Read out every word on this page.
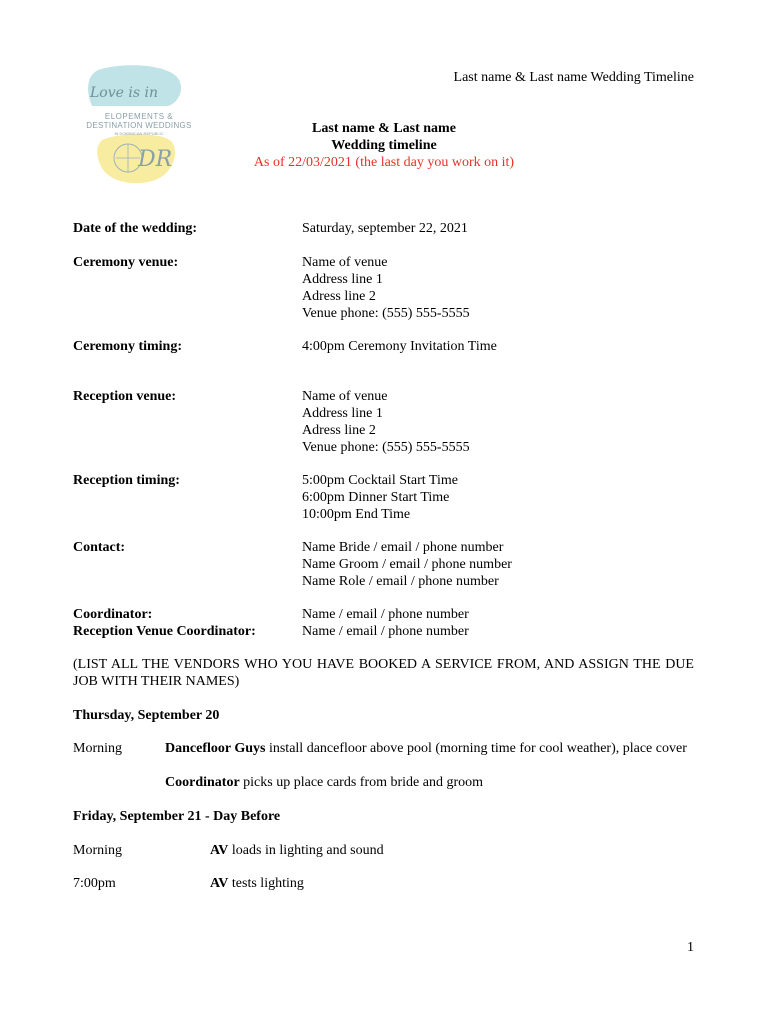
Last name & Last name Wedding Timeline
Love is in
ELOPEMENTS &
DESTINATION WEDDINGS
IN DOMINICAN REPUBLIC
DR
Last name & Last name
Wedding timeline
As of 22/03/2021 (the last day you work on it)
Date of the wedding:	Saturday, september 22, 2021
Ceremony venue:	Name of venue
Address line 1
Adress line 2
Venue phone: (555) 555-5555
Ceremony timing:	4:00pm Ceremony Invitation Time
Reception venue:	Name of venue
Address line 1
Adress line 2
Venue phone: (555) 555-5555
Reception timing:	5:00pm Cocktail Start Time
6:00pm Dinner Start Time
10:00pm End Time
Contact:	Name Bride / email / phone number
Name Groom / email / phone number
Name Role / email / phone number
Coordinator:	Name / email / phone number
Reception Venue Coordinator:	Name / email / phone number
(LIST ALL THE VENDORS WHO YOU HAVE BOOKED A SERVICE FROM, AND ASSIGN THE DUE JOB WITH THEIR NAMES)
Thursday, September 20
Morning	Dancefloor Guys install dancefloor above pool (morning time for cool weather), place cover
Coordinator picks up place cards from bride and groom
Friday, September 21 - Day Before
Morning	AV loads in lighting and sound
7:00pm	AV tests lighting
1
